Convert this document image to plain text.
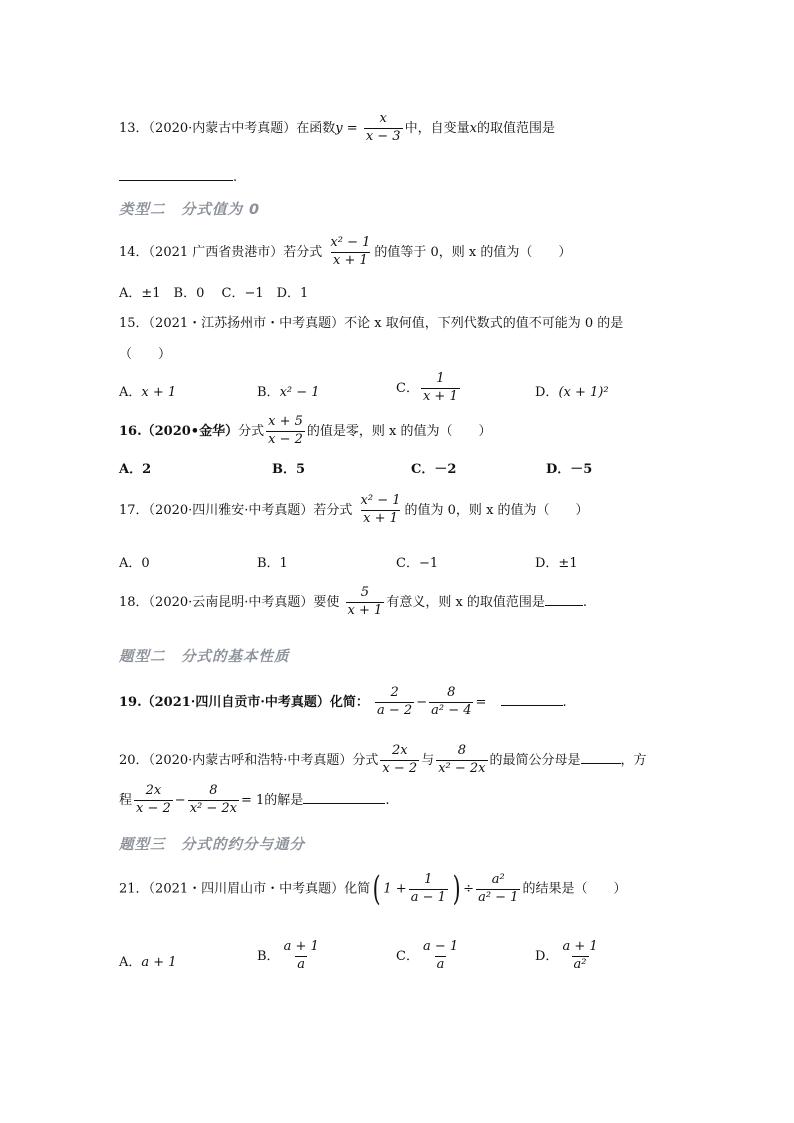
13．（2020·内蒙古中考真题）在函数$y = \frac{x}{x - 3}$ 中，自变量x的取值范围是
.
类型二　分式值为 0
14．（2021 广西省贵港市）若分式 $\frac{\text{x² − 1}}{x + 1}$ 的值等于 0，则 x 的值为（　　）
A．±1　B．0　 C．−1　D．1
15．（2021・江苏扬州市・中考真题）不论 x 取何值，下列代数式的值不可能为 0 的是
（　　）
A．x + 1	B．x² − 1	C． $\frac{1}{x + 1}$	D．(x + 1)²
16.（2020•金华）分式 $\frac{x + 5}{x - 2}$ 的值是零，则 x 的值为（　　）
A．2	B．5	C．－2	D．－5
17．（2020·四川雅安·中考真题）若分式 $\frac{\text{x² − 1}}{x + 1}$ 的值为 0，则 x 的值为（　　）
A．0	B．1	C．−1	D．±1
18．（2020·云南昆明·中考真题）要使 $\frac{5}{x + 1}$ 有意义，则 x 的取值范围是	.
题型二　分式的基本性质
19.（2021·四川自贡市·中考真题）化简： $\frac{2}{a - 2} - \frac{8}{\text{a² − 4}}$ =	.
20．（2020·内蒙古呼和浩特·中考真题）分式 $\frac{2x}{x - 2}$ 与 $\frac{8}{\text{x² − 2x}}$ 的最简公分母是	，方
程 $\frac{2x}{x - 2} - \frac{8}{\text{x² − 2x}} = 1$的解是	.
题型三　分式的约分与通分
21．（2021・四川眉山市・中考真题）化简( $1 + \frac{1}{a - 1}$ ) ÷ $\frac{\text{a²}}{\text{a² − 1}}$ 的结果是（　　）
A．a + 1	B． $\frac{a + 1}{a}$	C． $\frac{a - 1}{a}$	D． $\frac{a + 1}{\text{a²}}$
